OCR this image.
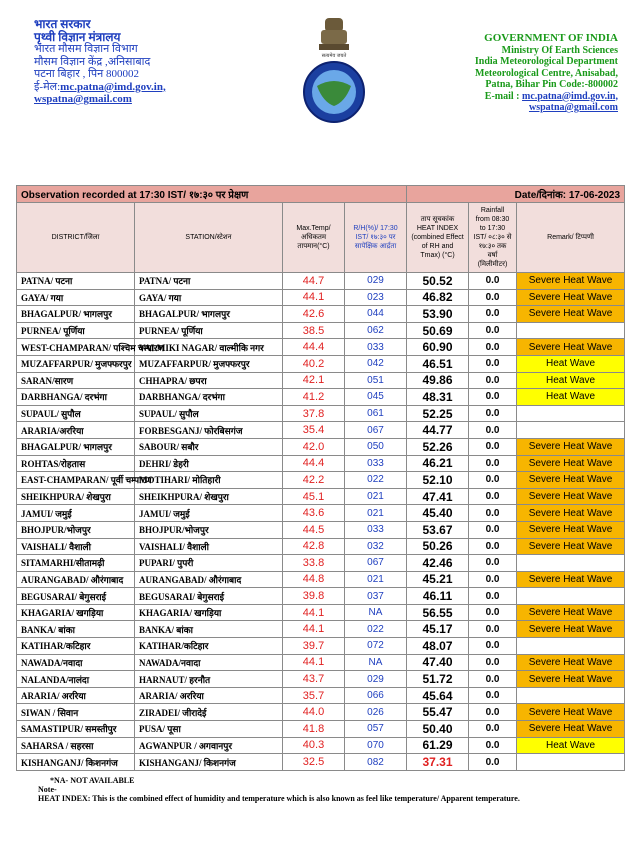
भारत सरकार
पृथ्वी विज्ञान मंत्रालय
भारत मौसम विज्ञान विभाग
मौसम विज्ञान केंद्र ,अनिसाबाद
पटना बिहार , पिन 800002
ई-मेल:mc.patna@imd.gov.in,
wspatna@gmail.com
सत्यमेव जयते
GOVERNMENT OF INDIA
Ministry Of Earth Sciences
India Meteorological Department
Meteorological Centre, Anisabad,
Patna, Bihar Pin Code:-800002
E-mail : mc.patna@imd.gov.in,
wspatna@gmail.com
Observation recorded at 17:30 IST/ १७:३० पर प्रेक्षण				Date/दिनांक: 17-06-2023		
DISTRICT/जिला	STATION/स्टेशन	Max.Temp/ अधिकतम तापमान(°C)	R/H(%)/ 17:30 IST/ १७:३० पर सापेक्षिक आर्द्रता	ताप सूचकांक HEAT INDEX (combined Effect of RH and Tmax) (°C)	Rainfall from 08:30 to 17:30 IST/ ०८:३० से १७:३० तक वर्षा (मिलीमीटर)	Remark/ टिप्पणी
PATNA/ पटना	PATNA/ पटना	44.7	029	50.52	0.0	Severe Heat Wave
GAYA/ गया	GAYA/ गया	44.1	023	46.82	0.0	Severe Heat Wave
BHAGALPUR/ भागलपुर	BHAGALPUR/ भागलपुर	42.6	044	53.90	0.0	Severe Heat Wave
PURNEA/ पूर्णिया	PURNEA/ पूर्णिया	38.5	062	50.69	0.0	
WEST-CHAMPARAN/ पश्चिम चम्पारण	VALMIKI NAGAR/ वाल्मीकि नगर	44.4	033	60.90	0.0	Severe Heat Wave
MUZAFFARPUR/ मुजफ्फरपुर	MUZAFFARPUR/ मुजफ्फरपुर	40.2	042	46.51	0.0	Heat Wave
SARAN/सारण	CHHAPRA/ छपरा	42.1	051	49.86	0.0	Heat Wave
DARBHANGA/ दरभंगा	DARBHANGA/ दरभंगा	41.2	045	48.31	0.0	Heat Wave
SUPAUL/ सुपौल	SUPAUL/ सुपौल	37.8	061	52.25	0.0	
ARARIA/अररिया	FORBESGANJ/ फोरबिसगंज	35.4	067	44.77	0.0	
BHAGALPUR/ भागलपुर	SABOUR/ सबौर	42.0	050	52.26	0.0	Severe Heat Wave
ROHTAS/रोहतास	DEHRI/ डेहरी	44.4	033	46.21	0.0	Severe Heat Wave
EAST-CHAMPARAN/ पूर्वी चम्पारण	MOTIHARI/ मोतिहारी	42.2	022	52.10	0.0	Severe Heat Wave
SHEIKHPURA/ शेखपुरा	SHEIKHPURA/ शेखपुरा	45.1	021	47.41	0.0	Severe Heat Wave
JAMUI/ जमुई	JAMUI/ जमुई	43.6	021	45.40	0.0	Severe Heat Wave
BHOJPUR/भोजपुर	BHOJPUR/भोजपुर	44.5	033	53.67	0.0	Severe Heat Wave
VAISHALI/ वैशाली	VAISHALI/ वैशाली	42.8	032	50.26	0.0	Severe Heat Wave
SITAMARHI/सीतामढ़ी	PUPARI/ पुपरी	33.8	067	42.46	0.0	
AURANGABAD/ औरंगाबाद	AURANGABAD/ औरंगाबाद	44.8	021	45.21	0.0	Severe Heat Wave
BEGUSARAI/ बेगुसराई	BEGUSARAI/ बेगुसराई	39.8	037	46.11	0.0	
KHAGARIA/ खगड़िया	KHAGARIA/ खगड़िया	44.1	NA	56.55	0.0	Severe Heat Wave
BANKA/ बांका	BANKA/ बांका	44.1	022	45.17	0.0	Severe Heat Wave
KATIHAR/कटिहार	KATIHAR/कटिहार	39.7	072	48.07	0.0	
NAWADA/नवादा	NAWADA/नवादा	44.1	NA	47.40	0.0	Severe Heat Wave
NALANDA/नालंदा	HARNAUT/ हरनौत	43.7	029	51.72	0.0	Severe Heat Wave
ARARIA/ अररिया	ARARIA/ अररिया	35.7	066	45.64	0.0	
SIWAN / सिवान	ZIRADEI/ जीरादेई	44.0	026	55.47	0.0	Severe Heat Wave
SAMASTIPUR/ समस्तीपुर	PUSA/ पूसा	41.8	057	50.40	0.0	Severe Heat Wave
SAHARSA / सहरसा	AGWANPUR / अगवानपुर	40.3	070	61.29	0.0	Heat Wave
KISHANGANJ/ किशनगंज	KISHANGANJ/ किशनगंज	32.5	082	37.31	0.0	
*NA- NOT AVAILABLE
Note-
HEAT INDEX: This is the combined effect of humidity and temperature which is also known as feel like temperature/ Apparent temperature.
